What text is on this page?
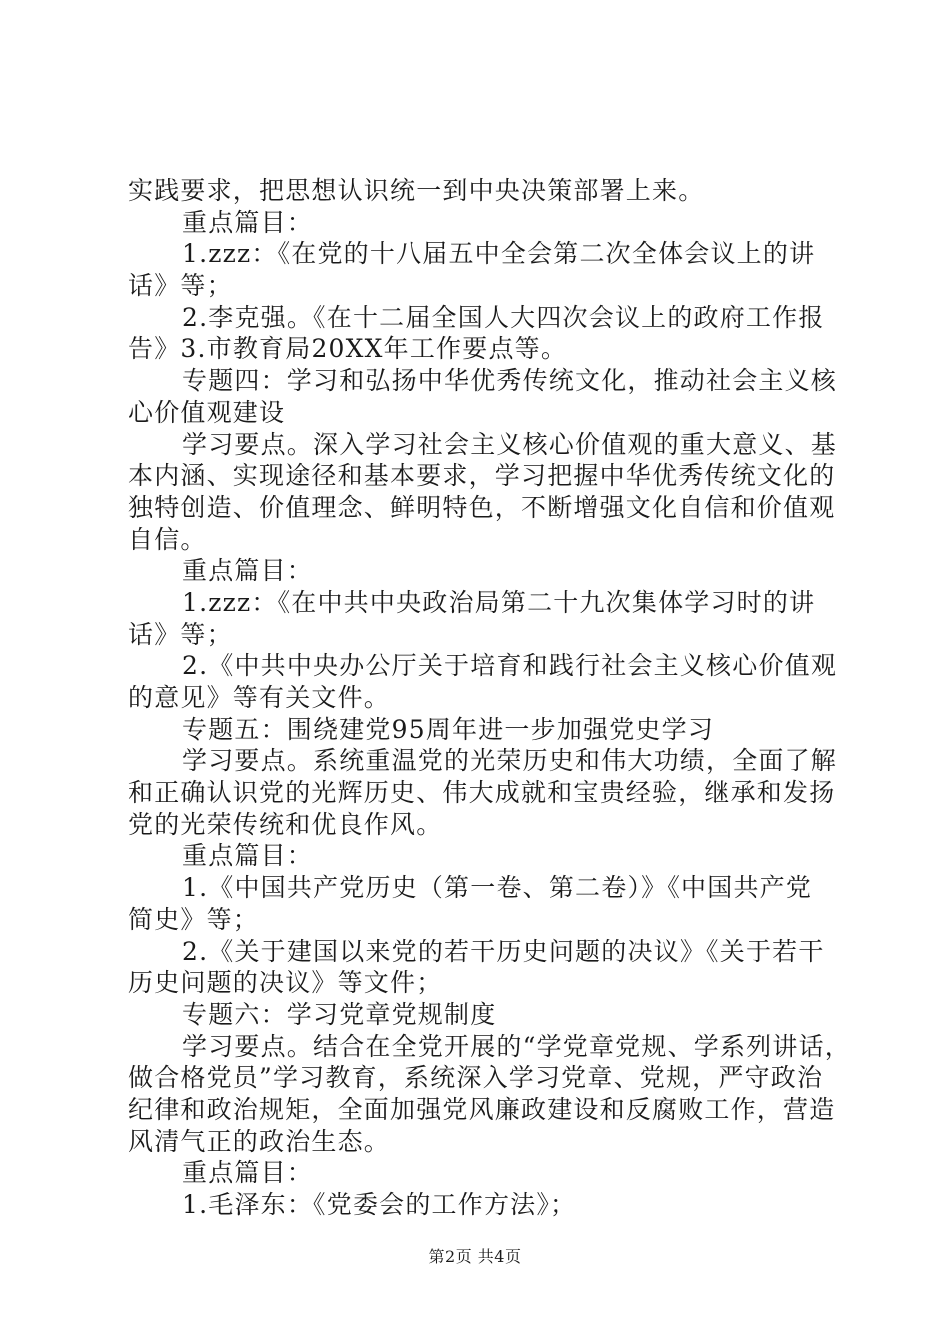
实践要求，把思想认识统一到中央决策部署上来。
重点篇目：
1.zzz：《在党的十八届五中全会第二次全体会议上的讲
话》等；
2.李克强。《在十二届全国人大四次会议上的政府工作报
告》3.市教育局20XX年工作要点等。
专题四：学习和弘扬中华优秀传统文化，推动社会主义核
心价值观建设
学习要点。深入学习社会主义核心价值观的重大意义、基
本内涵、实现途径和基本要求，学习把握中华优秀传统文化的
独特创造、价值理念、鲜明特色，不断增强文化自信和价值观
自信。
重点篇目：
1.zzz：《在中共中央政治局第二十九次集体学习时的讲
话》等；
2.《中共中央办公厅关于培育和践行社会主义核心价值观
的意见》等有关文件。
专题五：围绕建党95周年进一步加强党史学习
学习要点。系统重温党的光荣历史和伟大功绩，全面了解
和正确认识党的光辉历史、伟大成就和宝贵经验，继承和发扬
党的光荣传统和优良作风。
重点篇目：
1.《中国共产党历史（第一卷、第二卷）》《中国共产党
简史》等；
2.《关于建国以来党的若干历史问题的决议》《关于若干
历史问题的决议》等文件；
专题六：学习党章党规制度
学习要点。结合在全党开展的“学党章党规、学系列讲话，
做合格党员”学习教育，系统深入学习党章、党规，严守政治
纪律和政治规矩，全面加强党风廉政建设和反腐败工作，营造
风清气正的政治生态。
重点篇目：
1.毛泽东：《党委会的工作方法》；
第2页 共4页
